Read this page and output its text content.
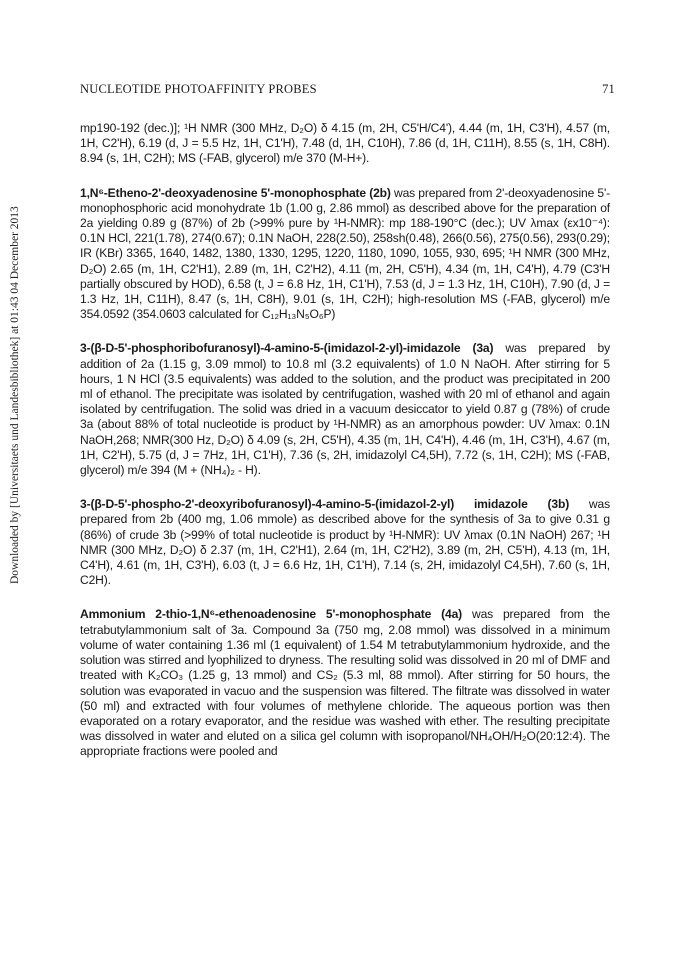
NUCLEOTIDE PHOTOAFFINITY PROBES	71
Downloaded by [Universitaets und Landesbibliothek] at 01:43 04 December 2013

mp190-192 (dec.)]; ¹H NMR (300 MHz, D₂O) δ 4.15 (m, 2H, C5'H/C4'), 4.44 (m, 1H, C3'H), 4.57 (m, 1H, C2'H), 6.19 (d, J = 5.5 Hz, 1H, C1'H), 7.48 (d, 1H, C10H), 7.86 (d, 1H, C11H), 8.55 (s, 1H, C8H). 8.94 (s, 1H, C2H); MS (-FAB, glycerol) m/e 370 (M-H+).

1,N⁶-Etheno-2'-deoxyadenosine 5'-monophosphate (2b) was prepared from 2'-deoxyadenosine 5'-monophosphoric acid monohydrate 1b (1.00 g, 2.86 mmol) as described above for the preparation of 2a yielding 0.89 g (87%) of 2b (>99% pure by ¹H-NMR): mp 188-190°C (dec.); UV λmax (εx10⁻⁴): 0.1N HCl, 221(1.78), 274(0.67); 0.1N NaOH, 228(2.50), 258sh(0.48), 266(0.56), 275(0.56), 293(0.29); IR (KBr) 3365, 1640, 1482, 1380, 1330, 1295, 1220, 1180, 1090, 1055, 930, 695; ¹H NMR (300 MHz, D₂O) 2.65 (m, 1H, C2'H1), 2.89 (m, 1H, C2'H2), 4.11 (m, 2H, C5'H), 4.34 (m, 1H, C4'H), 4.79 (C3'H partially obscured by HOD), 6.58 (t, J = 6.8 Hz, 1H, C1'H), 7.53 (d, J = 1.3 Hz, 1H, C10H), 7.90 (d, J = 1.3 Hz, 1H, C11H), 8.47 (s, 1H, C8H), 9.01 (s, 1H, C2H); high-resolution MS (-FAB, glycerol) m/e 354.0592 (354.0603 calculated for C₁₂H₁₃N₅O₆P)

3-(β-D-5'-phosphoribofuranosyl)-4-amino-5-(imidazol-2-yl)-imidazole (3a) was prepared by addition of 2a (1.15 g, 3.09 mmol) to 10.8 ml (3.2 equivalents) of 1.0 N NaOH. After stirring for 5 hours, 1 N HCl (3.5 equivalents) was added to the solution, and the product was precipitated in 200 ml of ethanol. The precipitate was isolated by centrifugation, washed with 20 ml of ethanol and again isolated by centrifugation. The solid was dried in a vacuum desiccator to yield 0.87 g (78%) of crude 3a (about 88% of total nucleotide is product by ¹H-NMR) as an amorphous powder: UV λmax: 0.1N NaOH,268; NMR(300 Hz, D₂O) δ 4.09 (s, 2H, C5'H), 4.35 (m, 1H, C4'H), 4.46 (m, 1H, C3'H), 4.67 (m, 1H, C2'H), 5.75 (d, J = 7Hz, 1H, C1'H), 7.36 (s, 2H, imidazolyl C4,5H), 7.72 (s, 1H, C2H); MS (-FAB, glycerol) m/e 394 (M + (NH₄)₂ - H).

3-(β-D-5'-phospho-2'-deoxyribofuranosyl)-4-amino-5-(imidazol-2-yl) imidazole (3b) was prepared from 2b (400 mg, 1.06 mmole) as described above for the synthesis of 3a to give 0.31 g (86%) of crude 3b (>99% of total nucleotide is product by ¹H-NMR): UV λmax (0.1N NaOH) 267; ¹H NMR (300 MHz, D₂O) δ 2.37 (m, 1H, C2'H1), 2.64 (m, 1H, C2'H2), 3.89 (m, 2H, C5'H), 4.13 (m, 1H, C4'H), 4.61 (m, 1H, C3'H), 6.03 (t, J = 6.6 Hz, 1H, C1'H), 7.14 (s, 2H, imidazolyl C4,5H), 7.60 (s, 1H, C2H).

Ammonium 2-thio-1,N⁶-ethenoadenosine 5'-monophosphate (4a) was prepared from the tetrabutylammonium salt of 3a. Compound 3a (750 mg, 2.08 mmol) was dissolved in a minimum volume of water containing 1.36 ml (1 equivalent) of 1.54 M tetrabutylammonium hydroxide, and the solution was stirred and lyophilized to dryness. The resulting solid was dissolved in 20 ml of DMF and treated with K₂CO₃ (1.25 g, 13 mmol) and CS₂ (5.3 ml, 88 mmol). After stirring for 50 hours, the solution was evaporated in vacuo and the suspension was filtered. The filtrate was dissolved in water (50 ml) and extracted with four volumes of methylene chloride. The aqueous portion was then evaporated on a rotary evaporator, and the residue was washed with ether. The resulting precipitate was dissolved in water and eluted on a silica gel column with isopropanol/NH₄OH/H₂O(20:12:4). The appropriate fractions were pooled and
